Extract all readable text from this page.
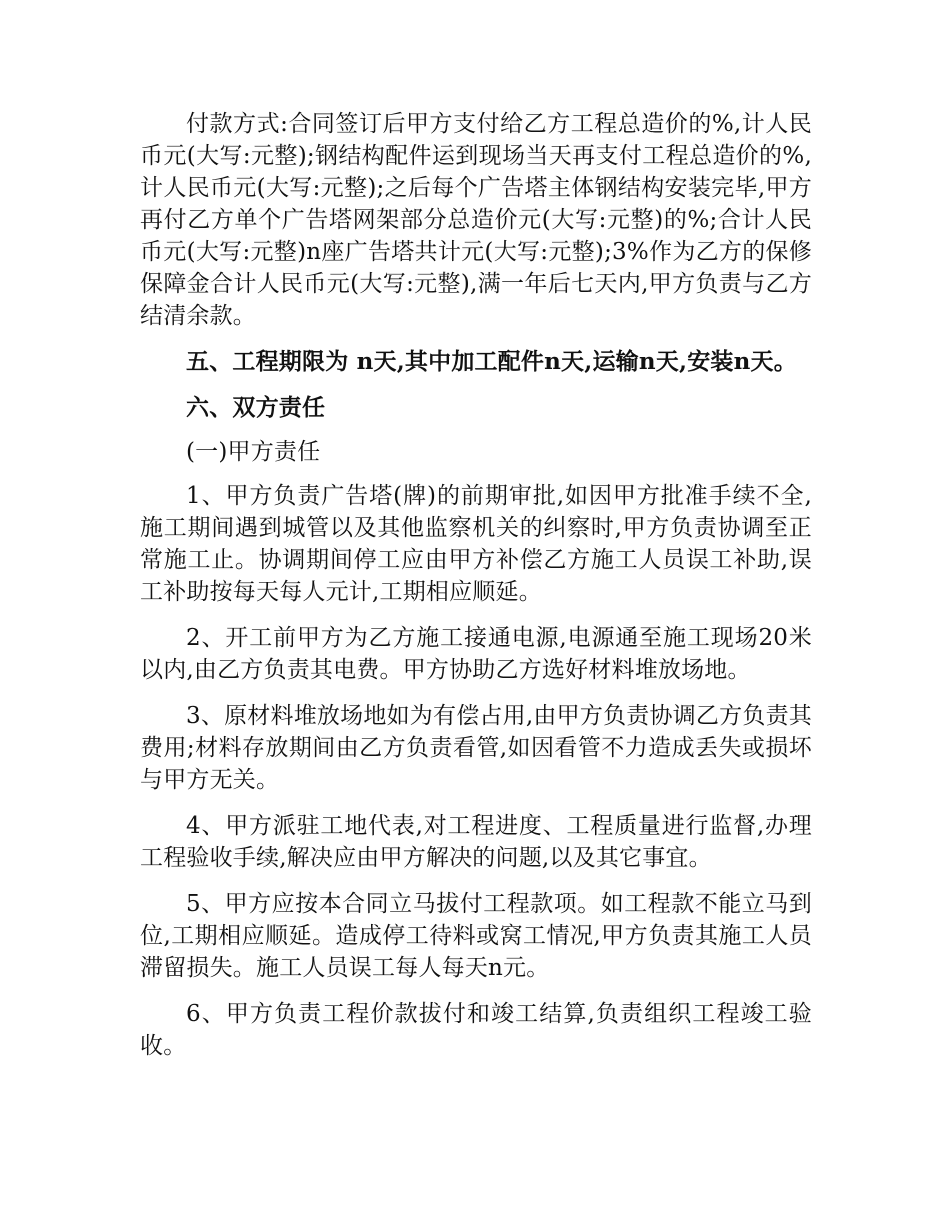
付款方式:合同签订后甲方支付给乙方工程总造价的%,计人民币元(大写:元整);钢结构配件运到现场当天再支付工程总造价的%,计人民币元(大写:元整);之后每个广告塔主体钢结构安装完毕,甲方再付乙方单个广告塔网架部分总造价元(大写:元整)的%;合计人民币元(大写:元整)n座广告塔共计元(大写:元整);3%作为乙方的保修保障金合计人民币元(大写:元整),满一年后七天内,甲方负责与乙方结清余款。

五、工程期限为 n天,其中加工配件n天,运输n天,安装n天。

六、双方责任

(一)甲方责任

1、甲方负责广告塔(牌)的前期审批,如因甲方批准手续不全,施工期间遇到城管以及其他监察机关的纠察时,甲方负责协调至正常施工止。协调期间停工应由甲方补偿乙方施工人员误工补助,误工补助按每天每人元计,工期相应顺延。

2、开工前甲方为乙方施工接通电源,电源通至施工现场20米以内,由乙方负责其电费。甲方协助乙方选好材料堆放场地。

3、原材料堆放场地如为有偿占用,由甲方负责协调乙方负责其费用;材料存放期间由乙方负责看管,如因看管不力造成丢失或损坏与甲方无关。

4、甲方派驻工地代表,对工程进度、工程质量进行监督,办理工程验收手续,解决应由甲方解决的问题,以及其它事宜。

5、甲方应按本合同立马拔付工程款项。如工程款不能立马到位,工期相应顺延。造成停工待料或窝工情况,甲方负责其施工人员滞留损失。施工人员误工每人每天n元。

6、甲方负责工程价款拔付和竣工结算,负责组织工程竣工验收。
